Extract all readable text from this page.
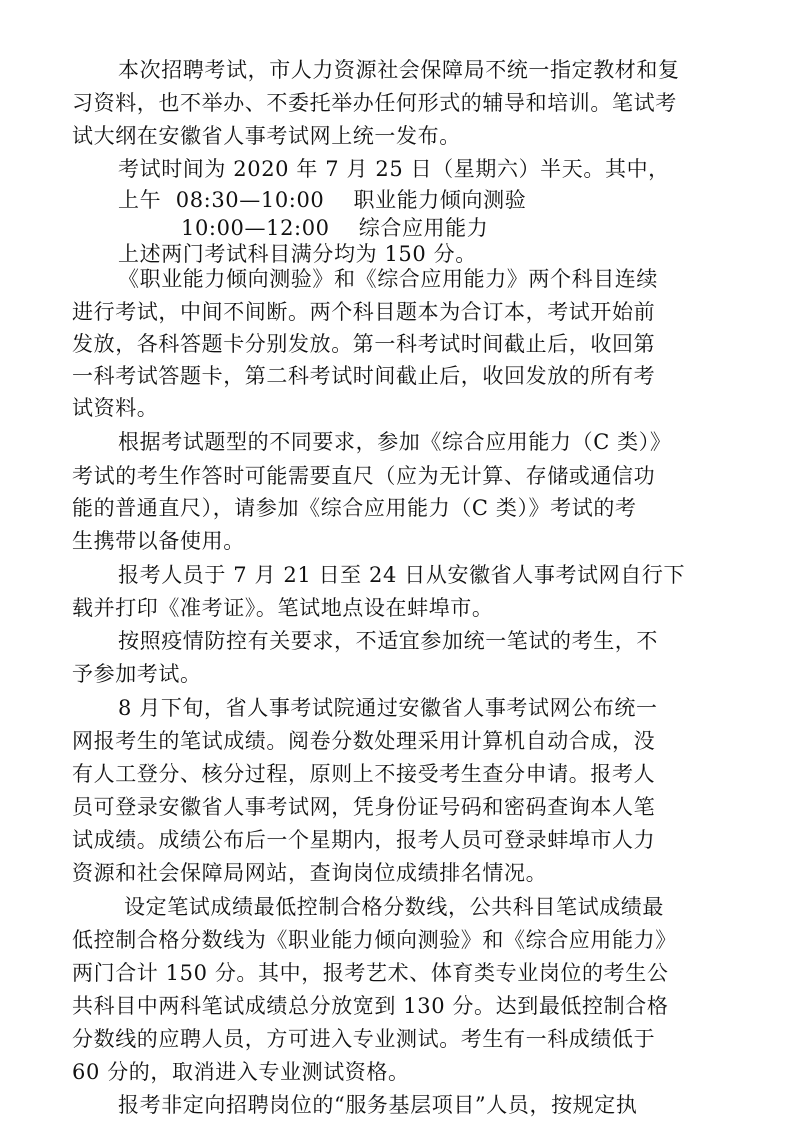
本次招聘考试，市人力资源社会保障局不统一指定教材和复
习资料，也不举办、不委托举办任何形式的辅导和培训。笔试考
试大纲在安徽省人事考试网上统一发布。
考试时间为 2020 年 7 月 25 日（星期六）半天。其中，
上午  08:30—10:00    职业能力倾向测验
10:00—12:00    综合应用能力
上述两门考试科目满分均为 150 分。
《职业能力倾向测验》和《综合应用能力》两个科目连续
进行考试，中间不间断。两个科目题本为合订本，考试开始前
发放，各科答题卡分别发放。第一科考试时间截止后，收回第
一科考试答题卡，第二科考试时间截止后，收回发放的所有考
试资料。
根据考试题型的不同要求，参加《综合应用能力（C 类）》
考试的考生作答时可能需要直尺（应为无计算、存储或通信功
能的普通直尺），请参加《综合应用能力（C 类）》考试的考
生携带以备使用。
报考人员于 7 月 21 日至 24 日从安徽省人事考试网自行下
载并打印《准考证》。笔试地点设在蚌埠市。
按照疫情防控有关要求，不适宜参加统一笔试的考生，不
予参加考试。
8 月下旬，省人事考试院通过安徽省人事考试网公布统一
网报考生的笔试成绩。阅卷分数处理采用计算机自动合成，没
有人工登分、核分过程，原则上不接受考生查分申请。报考人
员可登录安徽省人事考试网，凭身份证号码和密码查询本人笔
试成绩。成绩公布后一个星期内，报考人员可登录蚌埠市人力
资源和社会保障局网站，查询岗位成绩排名情况。
设定笔试成绩最低控制合格分数线，公共科目笔试成绩最
低控制合格分数线为《职业能力倾向测验》和《综合应用能力》
两门合计 150 分。其中，报考艺术、体育类专业岗位的考生公
共科目中两科笔试成绩总分放宽到 130 分。达到最低控制合格
分数线的应聘人员，方可进入专业测试。考生有一科成绩低于
60 分的，取消进入专业测试资格。
报考非定向招聘岗位的“服务基层项目”人员，按规定执
